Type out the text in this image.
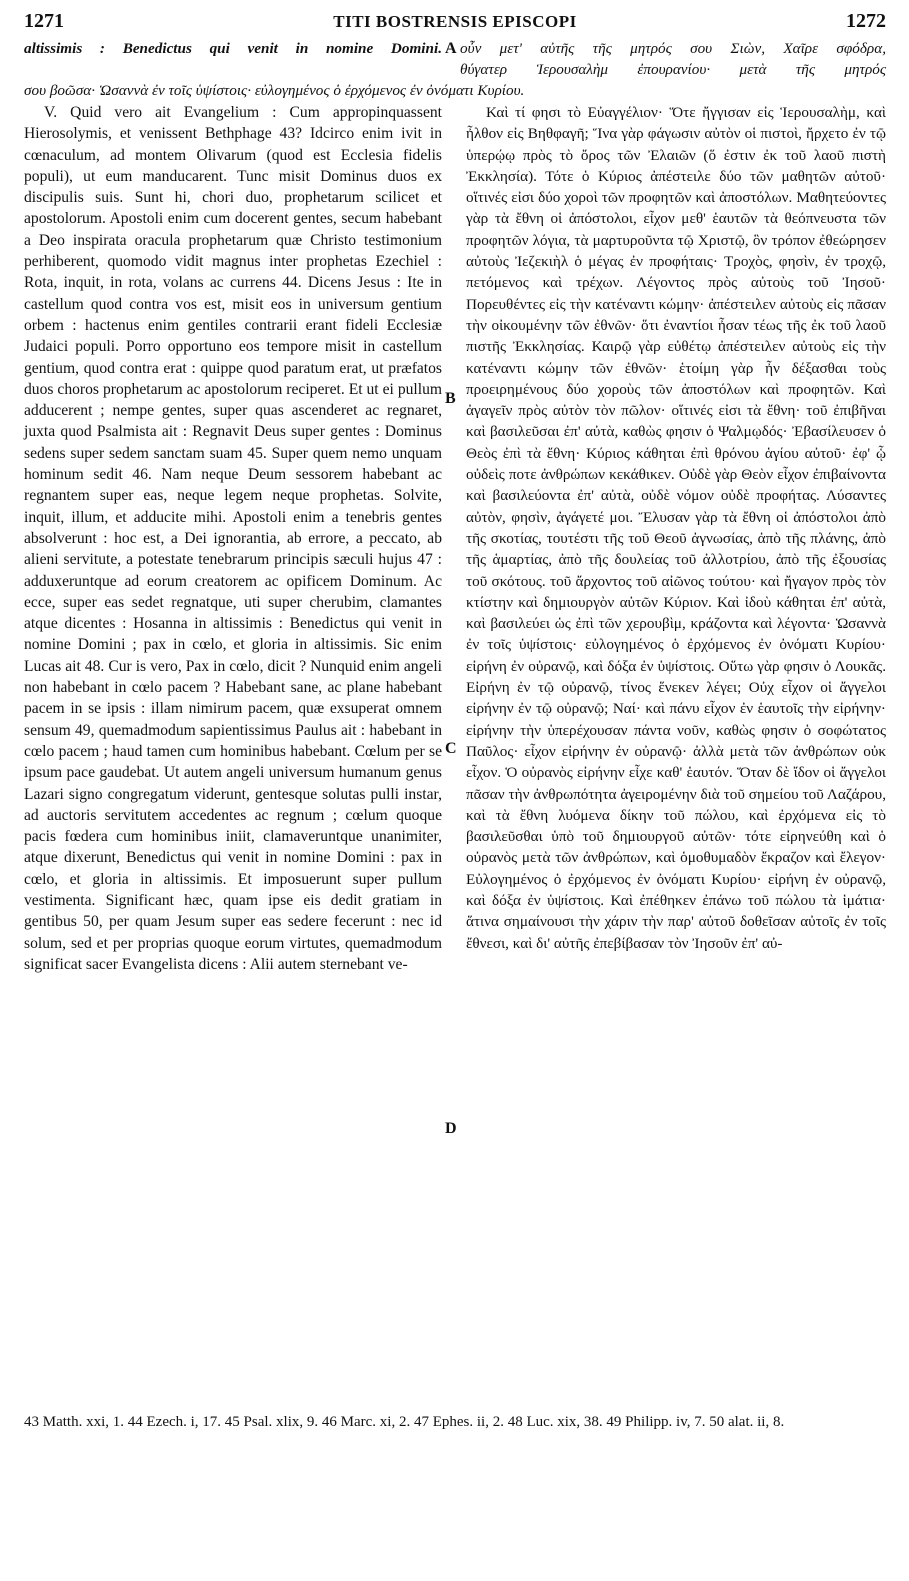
1271	TITI BOSTRENSIS EPISCOPI	1272
altissimis : Benedictus qui venit in nomine Domini. οὖν μετ' αὐτῆς τῆς μητρός σου Σιὼν, Χαῖρε σφόδρα,
θύγατερ Ἱερουσαλὴμ ἐπουρανίου· μετὰ τῆς μητρός
σου βοῶσα· Ὡσαννὰ ἐν τοῖς ὑψίστοις· εὐλογημένος ὁ ἐρχόμενος ἐν ὀνόματι Κυρίου.
A
B
C
D

V. Quid vero ait Evangelium : Cum appropinquassent Hierosolymis, et venissent Bethphage 43? Idcirco enim ivit in cœnaculum, ad montem Olivarum (quod est Ecclesia fidelis populi), ut eum manducarent. Tunc misit Dominus duos ex discipulis suis. Sunt hi, chori duo, prophetarum scilicet et apostolorum. Apostoli enim cum docerent gentes, secum habebant a Deo inspirata oracula prophetarum quæ Christo testimonium perhiberent, quomodo vidit magnus inter prophetas Ezechiel : Rota, inquit, in rota, volans ac currens 44. Dicens Jesus : Ite in castellum quod contra vos est, misit eos in universum gentium orbem : hactenus enim gentiles contrarii erant fideli Ecclesiæ Judaici populi. Porro opportuno eos tempore misit in castellum gentium, quod contra erat : quippe quod paratum erat, ut præfatos duos choros prophetarum ac apostolorum reciperet. Et ut ei pullum adducerent ; nempe gentes, super quas ascenderet ac regnaret, juxta quod Psalmista ait : Regnavit Deus super gentes : Dominus sedens super sedem sanctam suam 45. Super quem nemo unquam hominum sedit 46. Nam neque Deum sessorem habebant ac regnantem super eas, neque legem neque prophetas. Solvite, inquit, illum, et adducite mihi. Apostoli enim a tenebris gentes absolverunt : hoc est, a Dei ignorantia, ab errore, a peccato, ab alieni servitute, a potestate tenebrarum principis sæculi hujus 47 : adduxeruntque ad eorum creatorem ac opificem Dominum. Ac ecce, super eas sedet regnatque, uti super cherubim, clamantes atque dicentes : Hosanna in altissimis : Benedictus qui venit in nomine Domini ; pax in cœlo, et gloria in altissimis. Sic enim Lucas ait 48. Cur is vero, Pax in cœlo, dicit ? Nunquid enim angeli non habebant in cœlo pacem ? Habebant sane, ac plane habebant pacem in se ipsis : illam nimirum pacem, quæ exsuperat omnem sensum 49, quemadmodum sapientissimus Paulus ait : habebant in cœlo pacem ; haud tamen cum hominibus habebant. Cœlum per se ipsum pace gaudebat. Ut autem angeli universum humanum genus Lazari signo congregatum viderunt, gentesque solutas pulli instar, ad auctoris servitutem accedentes ac regnum ; cœlum quoque pacis fœdera cum hominibus iniit, clamaveruntque unanimiter, atque dixerunt, Benedictus qui venit in nomine Domini : pax in cœlo, et gloria in altissimis. Et imposuerunt super pullum vestimenta. Significant hæc, quam ipse eis dedit gratiam in gentibus 50, per quam Jesum super eas sedere fecerunt : nec id solum, sed et per proprias quoque eorum virtutes, quemadmodum significat sacer Evangelista dicens : Alii autem sternebant ve-

Καὶ τί φησι τὸ Εὐαγγέλιον· Ὅτε ἤγγισαν εἰς Ἱερουσαλὴμ, καὶ ἦλθον εἰς Βηθφαγῆ; Ἵνα γὰρ φάγωσιν αὐτὸν οἱ πιστοὶ, ἤρχετο ἐν τῷ ὑπερῴῳ πρὸς τὸ ὄρος τῶν Ἐλαιῶν (ὅ ἐστιν ἐκ τοῦ λαοῦ πιστὴ Ἐκκλησία). Τότε ὁ Κύριος ἀπέστειλε δύο τῶν μαθητῶν αὐτοῦ· οἵτινές εἰσι δύο χοροὶ τῶν προφητῶν καὶ ἀποστόλων. Μαθητεύοντες γὰρ τὰ ἔθνη οἱ ἀπόστολοι, εἶχον μεθ' ἑαυτῶν τὰ θεόπνευστα τῶν προφητῶν λόγια, τὰ μαρτυροῦντα τῷ Χριστῷ, ὃν τρόπον ἐθεώρησεν αὐτοὺς Ἰεζεκιὴλ ὁ μέγας ἐν προφήταις· Τροχὸς, φησὶν, ἐν τροχῷ, πετόμενος καὶ τρέχων. Λέγοντος πρὸς αὐτοὺς τοῦ Ἰησοῦ· Πορευθέντες εἰς τὴν κατέναντι κώμην· ἀπέστειλεν αὐτοὺς εἰς πᾶσαν τὴν οἰκουμένην τῶν ἐθνῶν· ὅτι ἐναντίοι ἦσαν τέως τῆς ἐκ τοῦ λαοῦ πιστῆς Ἐκκλησίας. Καιρῷ γὰρ εὐθέτῳ ἀπέστειλεν αὐτοὺς εἰς τὴν κατέναντι κώμην τῶν ἐθνῶν· ἑτοίμη γὰρ ἦν δέξασθαι τοὺς προειρημένους δύο χοροὺς τῶν ἀποστόλων καὶ προφητῶν. Καὶ ἀγαγεῖν πρὸς αὐτὸν τὸν πῶλον· οἵτινές εἰσι τὰ ἔθνη· τοῦ ἐπιβῆναι καὶ βασιλεῦσαι ἐπ' αὐτὰ, καθὼς φησιν ὁ Ψαλμῳδός· Ἐβασίλευσεν ὁ Θεὸς ἐπὶ τὰ ἔθνη· Κύριος κάθηται ἐπὶ θρόνου ἁγίου αὐτοῦ· ἐφ' ᾧ οὐδεὶς ποτε ἀνθρώπων κεκάθικεν. Οὐδὲ γὰρ Θεὸν εἶχον ἐπιβαίνοντα καὶ βασιλεύοντα ἐπ' αὐτὰ, οὐδὲ νόμον οὐδὲ προφήτας. Λύσαντες αὐτὸν, φησὶν, ἀγάγετέ μοι. Ἔλυσαν γὰρ τὰ ἔθνη οἱ ἀπόστολοι ἀπὸ τῆς σκοτίας, τουτέστι τῆς τοῦ Θεοῦ ἀγνωσίας, ἀπὸ τῆς πλάνης, ἀπὸ τῆς ἁμαρτίας, ἀπὸ τῆς δουλείας τοῦ ἀλλοτρίου, ἀπὸ τῆς ἐξουσίας τοῦ σκότους. τοῦ ἄρχοντος τοῦ αἰῶνος τούτου· καὶ ἤγαγον πρὸς τὸν κτίστην καὶ δημιουργὸν αὐτῶν Κύριον. Καὶ ἰδοὺ κάθηται ἐπ' αὐτὰ, καὶ βασιλεύει ὡς ἐπὶ τῶν χερουβὶμ, κράζοντα καὶ λέγοντα· Ὡσαννὰ ἐν τοῖς ὑψίστοις· εὐλογημένος ὁ ἐρχόμενος ἐν ὀνόματι Κυρίου· εἰρήνη ἐν οὐρανῷ, καὶ δόξα ἐν ὑψίστοις. Οὕτω γὰρ φησιν ὁ Λουκᾶς. Εἰρήνη ἐν τῷ οὐρανῷ, τίνος ἕνεκεν λέγει; Οὐχ εἶχον οἱ ἄγγελοι εἰρήνην ἐν τῷ οὐρανῷ; Ναί· καὶ πάνυ εἶχον ἐν ἑαυτοῖς τὴν εἰρήνην· εἰρήνην τὴν ὑπερέχουσαν πάντα νοῦν, καθὼς φησιν ὁ σοφώτατος Παῦλος· εἶχον εἰρήνην ἐν οὐρανῷ· ἀλλὰ μετὰ τῶν ἀνθρώπων οὐκ εἶχον. Ὁ οὐρανὸς εἰρήνην εἶχε καθ' ἑαυτόν. Ὅταν δὲ ἴδον οἱ ἄγγελοι πᾶσαν τὴν ἀνθρωπότητα ἀγειρομένην διὰ τοῦ σημείου τοῦ Λαζάρου, καὶ τὰ ἔθνη λυόμενα δίκην τοῦ πώλου, καὶ ἐρχόμενα εἰς τὸ βασιλεῦσθαι ὑπὸ τοῦ δημιουργοῦ αὐτῶν· τότε εἰρηνεύθη καὶ ὁ οὐρανὸς μετὰ τῶν ἀνθρώπων, καὶ ὁμοθυμαδὸν ἔκραζον καὶ ἔλεγον· Εὐλογημένος ὁ ἐρχόμενος ἐν ὀνόματι Κυρίου· εἰρήνη ἐν οὐρανῷ, καὶ δόξα ἐν ὑψίστοις. Καὶ ἐπέθηκεν ἐπάνω τοῦ πώλου τὰ ἱμάτια· ἅτινα σημαίνουσι τὴν χάριν τὴν παρ' αὐτοῦ δοθεῖσαν αὐτοῖς ἐν τοῖς ἔθνεσι, καὶ δι' αὐτῆς ἐπεβίβασαν τὸν Ἰησοῦν ἐπ' αὐ-

43 Matth. xxi, 1. 44 Ezech. i, 17. 45 Psal. xlix, 9. 46 Marc. xi, 2. 47 Ephes. ii, 2. 48 Luc. xix, 38. 49 Philipp. iv, 7. 50 alat. ii, 8.
